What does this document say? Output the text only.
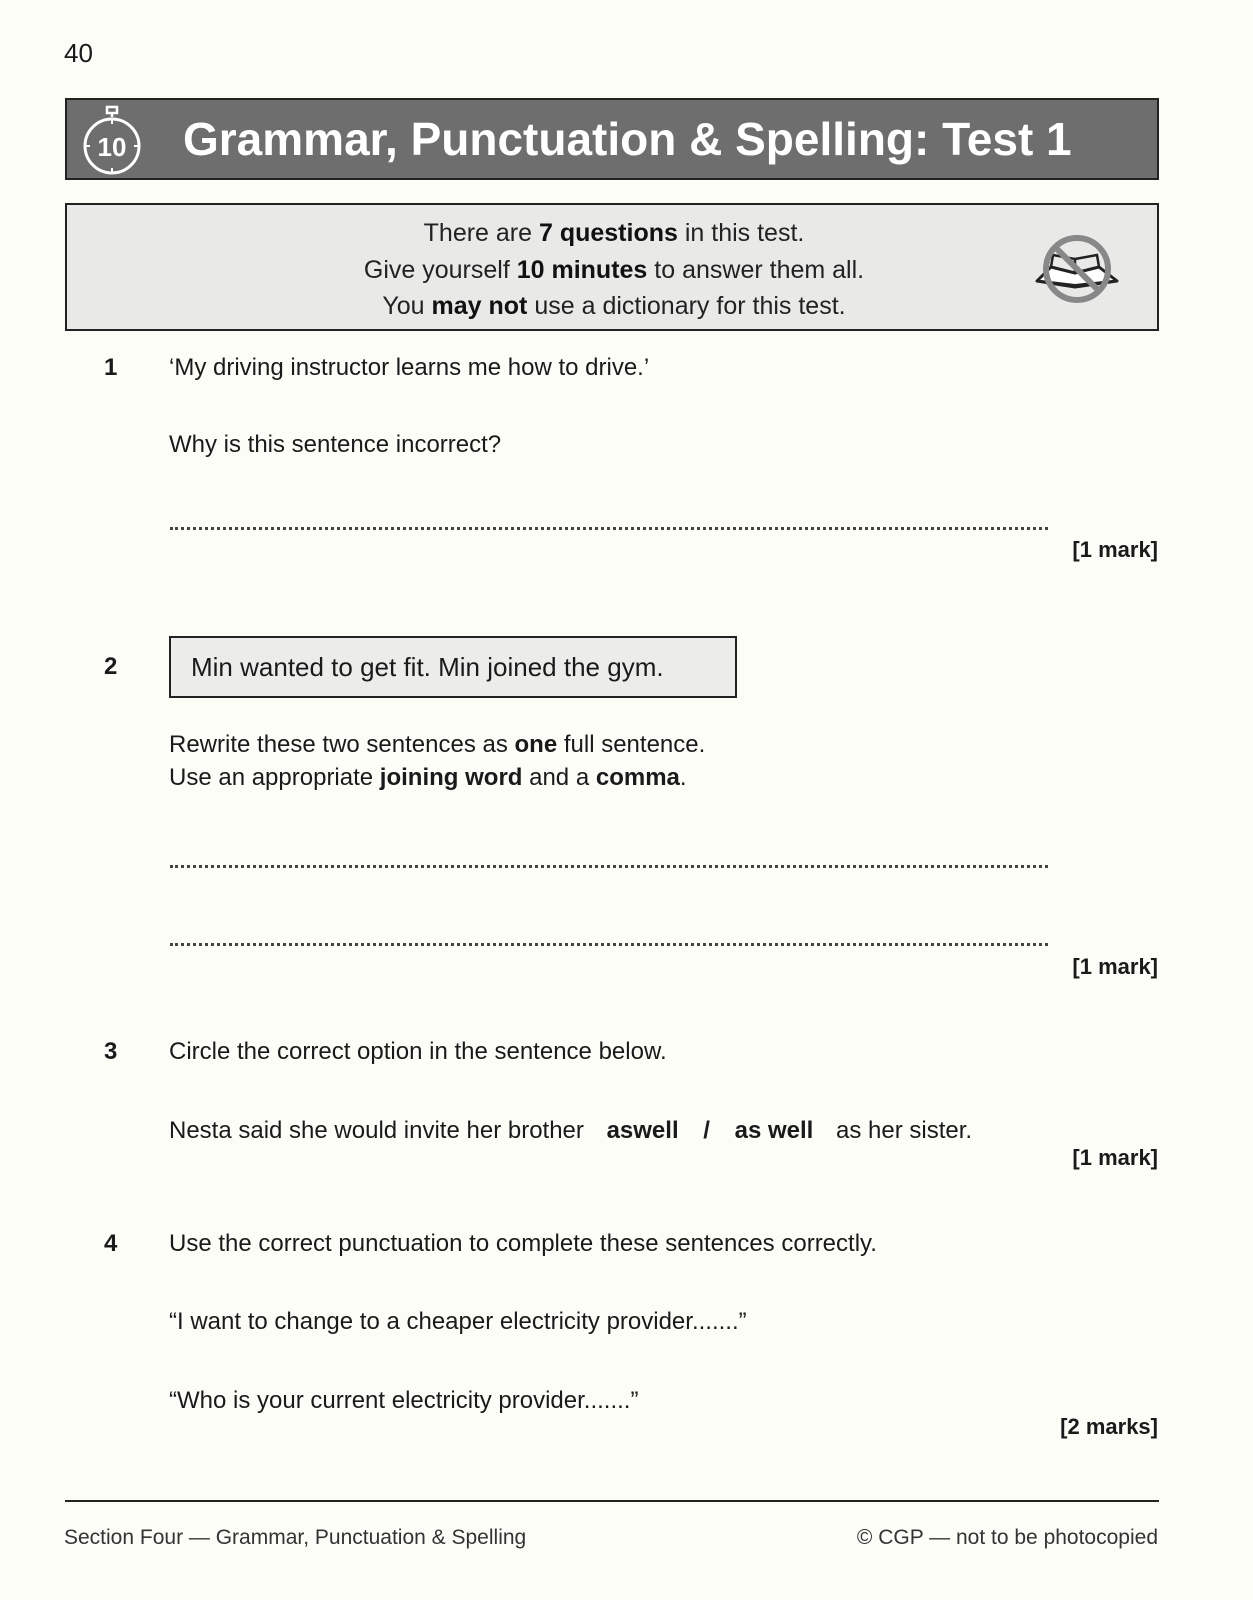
40
10 Grammar, Punctuation & Spelling: Test 1
There are 7 questions in this test.
Give yourself 10 minutes to answer them all.
You may not use a dictionary for this test.
1 ‘My driving instructor learns me how to drive.’
Why is this sentence incorrect?
[1 mark]
2	Min wanted to get fit. Min joined the gym.
Rewrite these two sentences as one full sentence.
Use an appropriate joining word and a comma.
[1 mark]
3 Circle the correct option in the sentence below.
Nesta said she would invite her brother aswell / as well as her sister.
[1 mark]
4 Use the correct punctuation to complete these sentences correctly.
“I want to change to a cheaper electricity provider.......”
“Who is your current electricity provider.......”
[2 marks]
Section Four — Grammar, Punctuation & Spelling	© CGP — not to be photocopied
